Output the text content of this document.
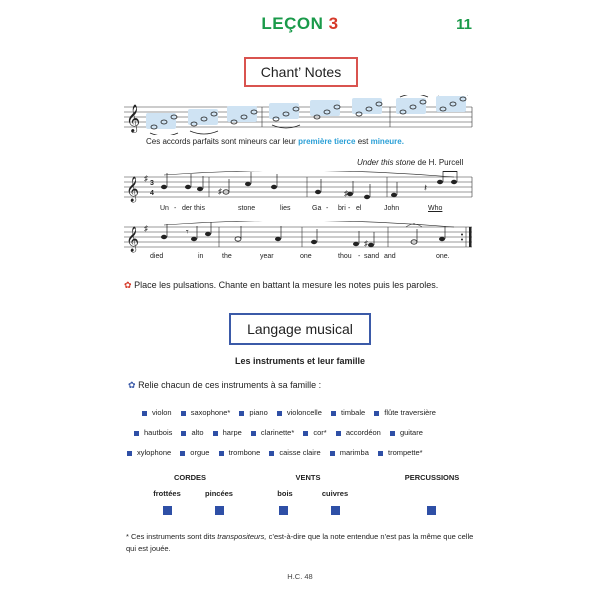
LEÇON 3	11
Chant’ Notes
𝄞
Ces accords parfaits sont mineurs car leur première tierce est mineure.
Under this stone de H. Purcell
𝄞 ♯
3
4	♯	♯	𝄽
Un - der this	stone	lies	Ga - bri - el	John	Who
𝄞 ♯
♯
𝄾
died	in	the	year	one	thou - sand and	one.
✿ Place les pulsations. Chante en battant la mesure les notes puis les paroles.
Langage musical
Les instruments et leur famille
✿ Relie chacun de ces instruments à sa famille :
violon	saxophone*	piano	violoncelle	timbale	flûte traversière
hautbois	alto	harpe	clarinette*	cor*	accordéon	guitare
xylophone	orgue	trombone	caisse claire	marimba	trompette*
CORDES	VENTS	PERCUSSIONS
frottées	pincées	bois	cuivres
* Ces instruments sont dits transpositeurs, c’est-à-dire que la note entendue n’est pas la même que celle qui est jouée.
H.C. 48
